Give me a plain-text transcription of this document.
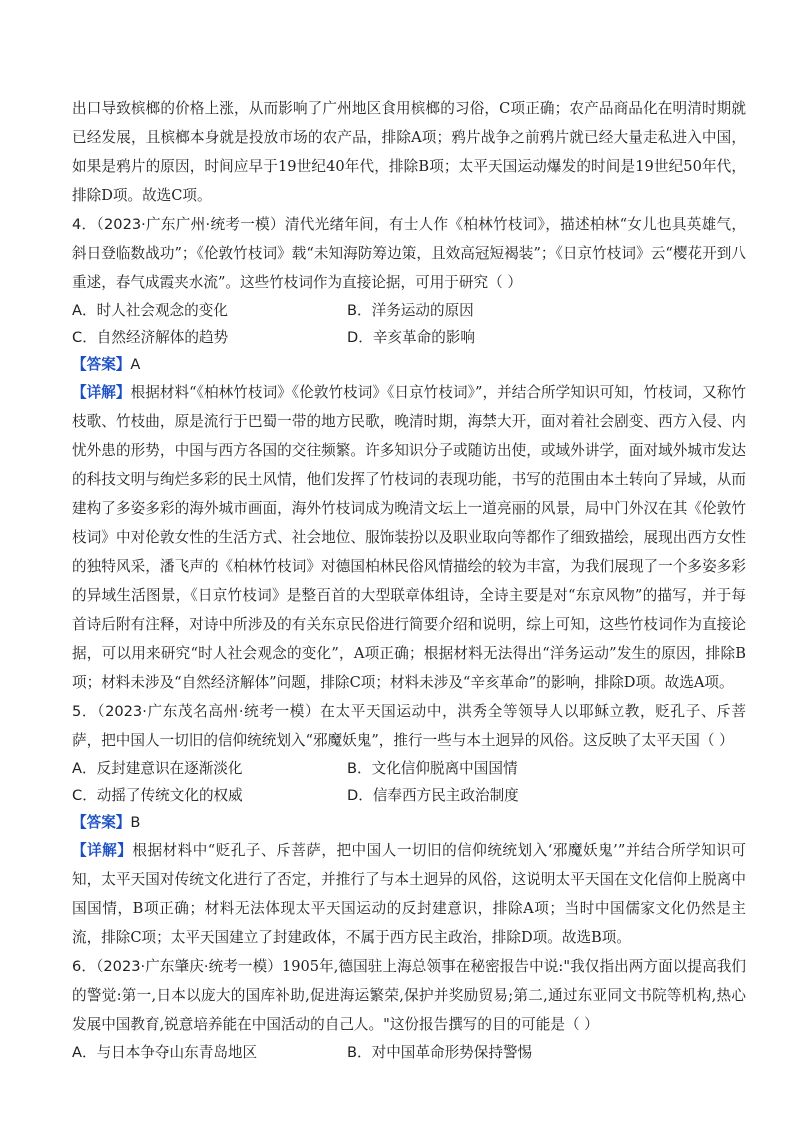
出口导致槟榔的价格上涨，从而影响了广州地区食用槟榔的习俗，C项正确；农产品商品化在明清时期就已经发展，且槟榔本身就是投放市场的农产品，排除A项；鸦片战争之前鸦片就已经大量走私进入中国，如果是鸦片的原因，时间应早于19世纪40年代，排除B项；太平天国运动爆发的时间是19世纪50年代，排除D项。故选C项。

4．（2023·广东广州·统考一模）清代光绪年间，有士人作《柏林竹枝词》，描述柏林“女儿也具英雄气，斜日登临数战功”；《伦敦竹枝词》载“未知海防筹边策，且效高冠短褐装”；《日京竹枝词》云“樱花开到八重逑，春气成霞夹水流”。这些竹枝词作为直接论据，可用于研究（ ）

A．时人社会观念的变化	B．洋务运动的原因
C．自然经济解体的趋势	D．辛亥革命的影响

【答案】A

【详解】根据材料“《柏林竹枝词》《伦敦竹枝词》《日京竹枝词》”，并结合所学知识可知，竹枝词，又称竹枝歌、竹枝曲，原是流行于巴蜀一带的地方民歌，晚清时期，海禁大开，面对着社会剧变、西方入侵、内忧外患的形势，中国与西方各国的交往频繁。许多知识分子或随访出使，或域外讲学，面对域外城市发达的科技文明与绚烂多彩的民土风情，他们发挥了竹枝词的表现功能，书写的范围由本土转向了异域，从而建构了多姿多彩的海外城市画面，海外竹枝词成为晚清文坛上一道亮丽的风景，局中门外汉在其《伦敦竹枝词》中对伦敦女性的生活方式、社会地位、服饰装扮以及职业取向等都作了细致描绘，展现出西方女性的独特风采，潘飞声的《柏林竹枝词》对德国柏林民俗风情描绘的较为丰富，为我们展现了一个多姿多彩的异域生活图景，《日京竹枝词》是整百首的大型联章体组诗，全诗主要是对“东京风物”的描写，并于每首诗后附有注释，对诗中所涉及的有关东京民俗进行简要介绍和说明，综上可知，这些竹枝词作为直接论据，可以用来研究“时人社会观念的变化”，A项正确；根据材料无法得出“洋务运动”发生的原因，排除B项；材料未涉及“自然经济解体”问题，排除C项；材料未涉及“辛亥革命”的影响，排除D项。故选A项。

5．（2023·广东茂名高州·统考一模）在太平天国运动中，洪秀全等领导人以耶稣立教，贬孔子、斥菩萨，把中国人一切旧的信仰统统划入“邪魔妖鬼”，推行一些与本土迥异的风俗。这反映了太平天国（ ）

A．反封建意识在逐渐淡化	B．文化信仰脱离中国国情
C．动摇了传统文化的权威	D．信奉西方民主政治制度

【答案】B

【详解】根据材料中“贬孔子、斥菩萨，把中国人一切旧的信仰统统划入‘邪魔妖鬼’”并结合所学知识可知，太平天国对传统文化进行了否定，并推行了与本土迥异的风俗，这说明太平天国在文化信仰上脱离中国国情，B项正确；材料无法体现太平天国运动的反封建意识，排除A项；当时中国儒家文化仍然是主流，排除C项；太平天国建立了封建政体，不属于西方民主政治，排除D项。故选B项。

6．（2023·广东肇庆·统考一模）1905年,德国驻上海总领事在秘密报告中说:"我仅指出两方面以提高我们的警觉:第一,日本以庞大的国库补助,促进海运繁荣,保护并奖励贸易;第二,通过东亚同文书院等机构,热心发展中国教育,锐意培养能在中国活动的自己人。"这份报告撰写的目的可能是（ ）

A．与日本争夺山东青岛地区	B．对中国革命形势保持警惕
